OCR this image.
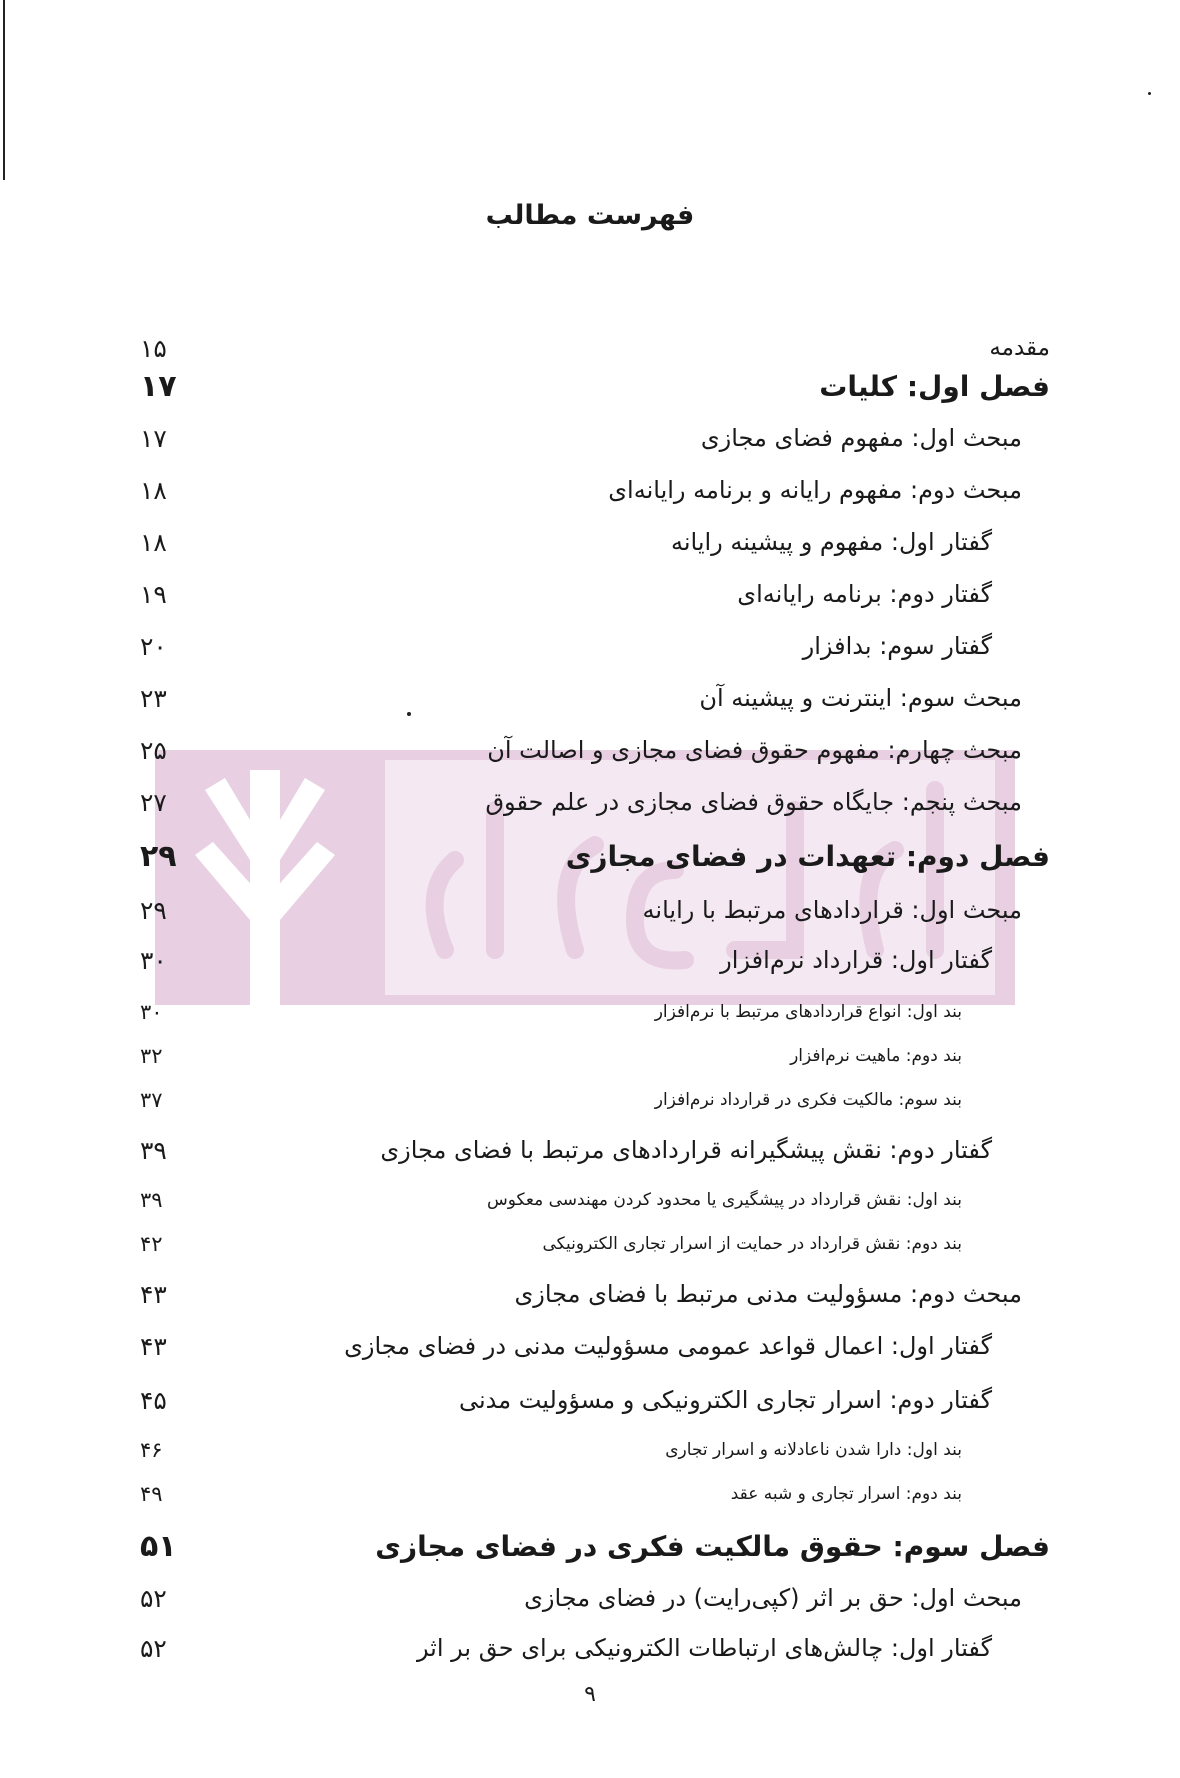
فهرست مطالب
مقدمه
۱۵
فصل اول: کلیات
۱۷
مبحث اول: مفهوم فضای مجازی
۱۷
مبحث دوم: مفهوم رایانه و برنامه رایانه‌ای
۱۸
گفتار اول: مفهوم و پیشینه رایانه
۱۸
گفتار دوم: برنامه رایانه‌ای
۱۹
گفتار سوم: بدافزار
۲۰
مبحث سوم: اینترنت و پیشینه آن
۲۳
مبحث چهارم: مفهوم حقوق فضای مجازی و اصالت آن
۲۵
مبحث پنجم: جایگاه حقوق فضای مجازی در علم حقوق
۲۷
فصل دوم: تعهدات در فضای مجازی
۲۹
مبحث اول: قراردادهای مرتبط با رایانه
۲۹
گفتار اول: قرارداد نرم‌افزار
۳۰
بند اول: انواع قراردادهای مرتبط با نرم‌افزار
۳۰
بند دوم: ماهیت نرم‌افزار
۳۲
بند سوم: مالکیت فکری در قرارداد نرم‌افزار
۳۷
گفتار دوم: نقش پیشگیرانه قراردادهای مرتبط با فضای مجازی
۳۹
بند اول: نقش قرارداد در پیشگیری یا محدود کردن مهندسی معکوس
۳۹
بند دوم: نقش قرارداد در حمایت از اسرار تجاری الکترونیکی
۴۲
مبحث دوم: مسؤولیت مدنی مرتبط با فضای مجازی
۴۳
گفتار اول: اعمال قواعد عمومی مسؤولیت مدنی در فضای مجازی
۴۳
گفتار دوم: اسرار تجاری الکترونیکی و مسؤولیت مدنی
۴۵
بند اول: دارا شدن ناعادلانه و اسرار تجاری
۴۶
بند دوم: اسرار تجاری و شبه عقد
۴۹
فصل سوم: حقوق مالکیت فکری در فضای مجازی
۵۱
مبحث اول: حق بر اثر (کپی‌رایت) در فضای مجازی
۵۲
گفتار اول: چالش‌های ارتباطات الکترونیکی برای حق بر اثر
۵۲
۹
